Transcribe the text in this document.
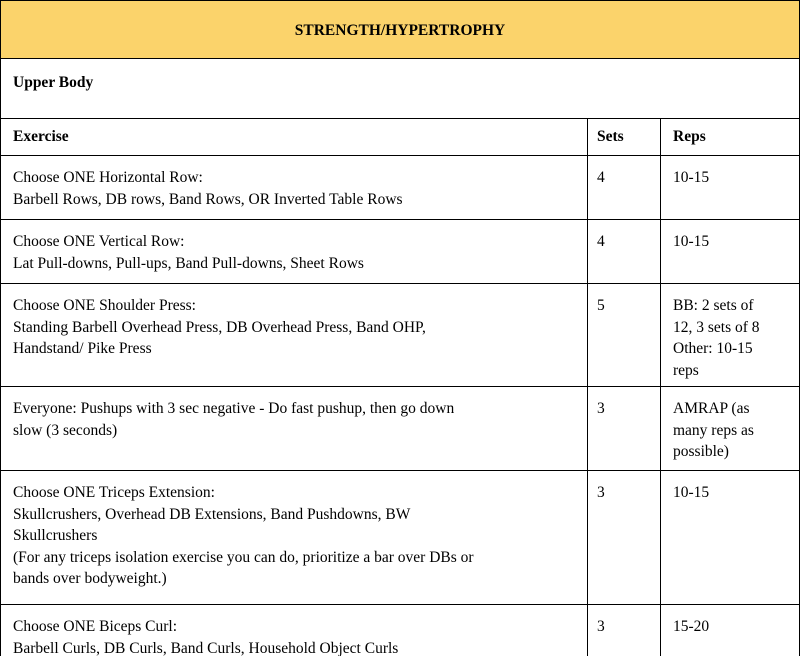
STRENGTH/HYPERTROPHY		

Upper Body		

Exercise	Sets	Reps

Choose ONE Horizontal Row:
Barbell Rows, DB rows, Band Rows, OR Inverted Table Rows	4	10-15

Choose ONE Vertical Row:
Lat Pull-downs, Pull-ups, Band Pull-downs, Sheet Rows	4	10-15

Choose ONE Shoulder Press:
Standing Barbell Overhead Press, DB Overhead Press, Band OHP,
Handstand/ Pike Press	5	BB: 2 sets of
12, 3 sets of 8
Other: 10-15
reps

Everyone: Pushups with 3 sec negative - Do fast pushup, then go down
slow (3 seconds)	3	AMRAP (as
many reps as
possible)

Choose ONE Triceps Extension:
Skullcrushers, Overhead DB Extensions, Band Pushdowns, BW
Skullcrushers
(For any triceps isolation exercise you can do, prioritize a bar over DBs or
bands over bodyweight.)	3	10-15

Choose ONE Biceps Curl:
Barbell Curls, DB Curls, Band Curls, Household Object Curls	3	15-20
